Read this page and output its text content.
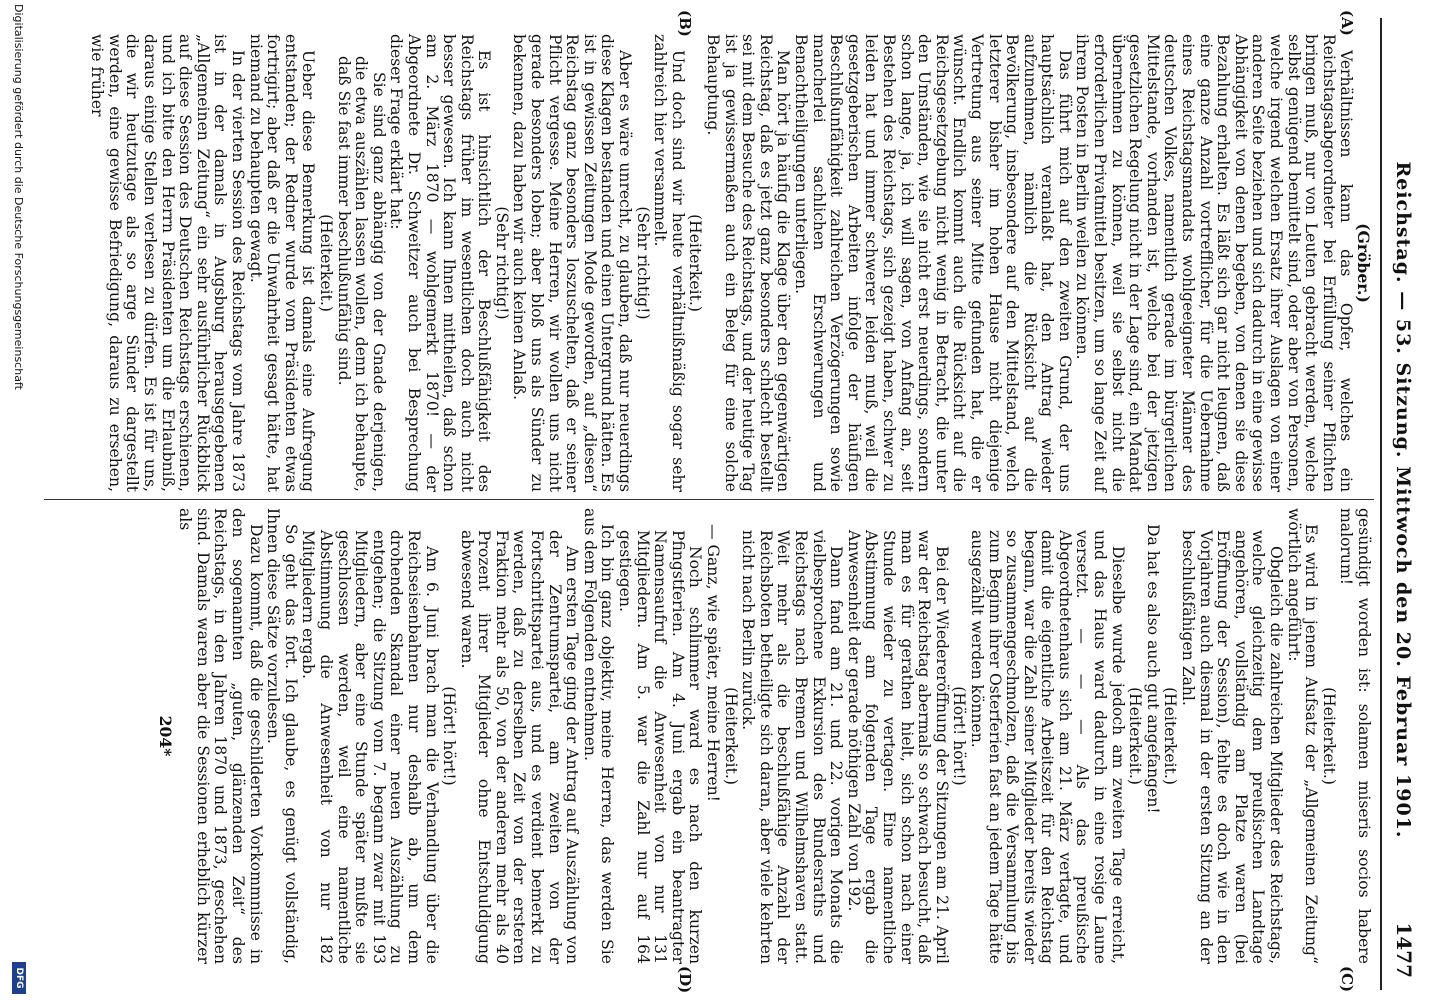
Reichstag. — 53. Sitzung. Mittwoch den 20. Februar 1901.
1477
(A)
(B)
(C)
(D)

(Gröber.)

Verhältnissen kann das Opfer, welches ein Reichstagsabgeordneter bei Erfüllung seiner Pflichten bringen muß, nur von Leuten gebracht werden, welche selbst genügend bemittelt sind, oder aber von Personen, welche irgend welchen Ersatz ihrer Auslagen von einer anderen Seite beziehen und sich dadurch in eine gewisse Abhängigkeit von denen begeben, von denen sie diese Bezahlung erhalten. Es läßt sich gar nicht leugnen, daß eine ganze Anzahl vortrefflicher, für die Uebernahme eines Reichstagsmandats wohlgeeigneter Männer des deutschen Volkes, namentlich gerade im bürgerlichen Mittelstande, vorhanden ist, welche bei der jetzigen gesetzlichen Regelung nicht in der Lage sind, ein Mandat übernehmen zu können, weil sie selbst nicht die erforderlichen Privatmittel besitzen, um so lange Zeit auf ihrem Posten in Berlin weilen zu können.

Das führt mich auf den zweiten Grund, der uns hauptsächlich veranlaßt hat, den Antrag wieder aufzunehmen, nämlich die Rücksicht auf die Bevölkerung, insbesondere auf den Mittelstand, welch letzterer bisher im hohen Hause nicht diejenige Vertretung aus seiner Mitte gefunden hat, die er wünscht. Endlich kommt auch die Rücksicht auf die Reichsgesetzgebung nicht wenig in Betracht, die unter den Umständen, wie sie nicht erst neuerdings, sondern schon lange, ja, ich will sagen, von Anfang an, seit Bestehen des Reichstags, sich gezeigt haben, schwer zu leiden hat und immer schwerer leiden muß, weil die gesetzgeberischen Arbeiten infolge der häufigen Beschlußunfähigkeit zahlreichen Verzögerungen sowie mancherlei sachlichen Erschwerungen und Benachtheiligungen unterliegen.

Man hört ja häufig die Klage über den gegenwärtigen Reichstag, daß es jetzt ganz besonders schlecht bestellt sei mit dem Besuche des Reichstags, und der heutige Tag ist ja gewissermaßen auch ein Beleg für eine solche Behauptung.

(Heiterkeit.)

Und doch sind wir heute verhältnißmäßig sogar sehr zahlreich hier versammelt.

(Sehr richtig!)

Aber es wäre unrecht, zu glauben, daß nur neuerdings diese Klagen bestanden und einen Untergrund hätten. Es ist in gewissen Zeitungen Mode geworden, auf „diesen“ Reichstag ganz besonders loszuschelten, daß er seiner Pflicht vergesse. Meine Herren, wir wollen uns nicht gerade besonders loben; aber bloß uns als Sünder zu bekennen, dazu haben wir auch keinen Anlaß.

(Sehr richtig!)

Es ist hinsichtlich der Beschlußfähigkeit des Reichstags früher im wesentlichen doch auch nicht besser gewesen. Ich kann Ihnen mittheilen, daß schon am 2. März 1870 — wohlgemerkt 1870! — der Abgeordnete Dr. Schweitzer auch bei Besprechung dieser Frage erklärt hat:

Sie sind ganz abhängig von der Gnade derjenigen, die etwa auszählen lassen wollen, denn ich behaupte, daß Sie fast immer beschlußunfähig sind.

(Heiterkeit.)

Ueber diese Bemerkung ist damals eine Aufregung entstanden; der Redner wurde vom Präsidenten etwas fortrigirt; aber daß er die Unwahrheit gesagt hätte, hat niemand zu behaupten gewagt.

In der vierten Session des Reichstags vom Jahre 1873 ist in der damals in Augsburg herausgegebenen „Allgemeinen Zeitung“ ein sehr ausführlicher Rückblick auf diese Session des Deutschen Reichstags erschienen, und ich bitte den Herrn Präsidenten um die Erlaubniß, daraus einige Stellen verlesen zu dürfen. Es ist für uns, die wir heutzutage als so arge Sünder dargestellt werden, eine gewisse Befriedigung, daraus zu ersehen, wie früher

gesündigt worden ist: solamen miseris socios habere malorum!

(Heiterkeit.)

Es wird in jenem Aufsatz der „Allgemeinen Zeitung“ wörtlich angeführt:

Obgleich die zahlreichen Mitglieder des Reichstags, welche gleichzeitig dem preußischen Landtage angehören, vollständig am Platze waren (bei Eröffnung der Session), fehlte es doch wie in den Vorjahren auch diesmal in der ersten Sitzung an der beschlußfähigen Zahl.

(Heiterkeit.)

Da hat es also auch gut angefangen!

(Heiterkeit.)

Dieselbe wurde jedoch am zweiten Tage erreicht, und das Haus ward dadurch in eine rosige Laune versetzt. — — — Als das preußische Abgeordnetenhaus sich am 21. März vertagte, und damit die eigentliche Arbeitszeit für den Reichstag begann, war die Zahl seiner Mitglieder bereits wieder so zusammengeschmolzen, daß die Versammlung bis zum Beginn ihrer Osterferien fast an jedem Tage hätte ausgezählt werden können.

(Hört! hört!)

Bei der Wiedereröffnung der Sitzungen am 21. April war der Reichstag abermals so schwach besucht, daß man es für gerathen hielt, sich schon nach einer Stunde wieder zu vertagen. Eine namentliche Abstimmung am folgenden Tage ergab die Anwesenheit der gerade nöthigen Zahl von 192.

Dann fand am 21. und 22. vorigen Monats die vielbesprochene Exkursion des Bundesraths und Reichstags nach Bremen und Wilhelmshaven statt. Weit mehr als die beschlußfähige Anzahl der Reichsboten betheiligte sich daran, aber viele kehrten nicht nach Berlin zurück.

(Heiterkeit.)

— Ganz, wie später, meine Herren!

Noch schlimmer ward es nach den kurzen Pfingstferien. Am 4. Juni ergab ein beantragter Namensaufruf die Anwesenheit von nur 131 Mitgliedern. Am 5. war die Zahl nur auf 164 gestiegen.

Ich bin ganz objektiv, meine Herren, das werden Sie aus dem Folgenden entnehmen.

Am ersten Tage ging der Antrag auf Auszählung von der Zentrumspartei, am zweiten von der Fortschrittspartei aus, und es verdient bemerkt zu werden, daß zu derselben Zeit von der ersteren Fraktion mehr als 50, von der anderen mehr als 40 Prozent ihrer Mitglieder ohne Entschuldigung abwesend waren.

(Hört! hört!)

Am 6. Juni brach man die Verhandlung über die Reichseisenbahnen nur deshalb ab, um dem drohenden Skandal einer neuen Auszählung zu entgehen; die Sitzung vom 7. begann zwar mit 193 Mitgliedern, aber eine Stunde später mußte sie geschlossen werden, weil eine namentliche Abstimmung die Anwesenheit von nur 182 Mitgliedern ergab.

So geht das fort. Ich glaube, es genügt vollständig, Ihnen diese Sätze vorzulesen.

Dazu kommt, daß die geschilderten Vorkommnisse in den sogenannten „guten, glänzenden Zeit“ des Reichstags, in den Jahren 1870 und 1873, geschehen sind. Damals waren aber die Sessionen erheblich kürzer als

204*

Digitalisierung gefördert durch die Deutsche Forschungsgemeinschaft
DFG
